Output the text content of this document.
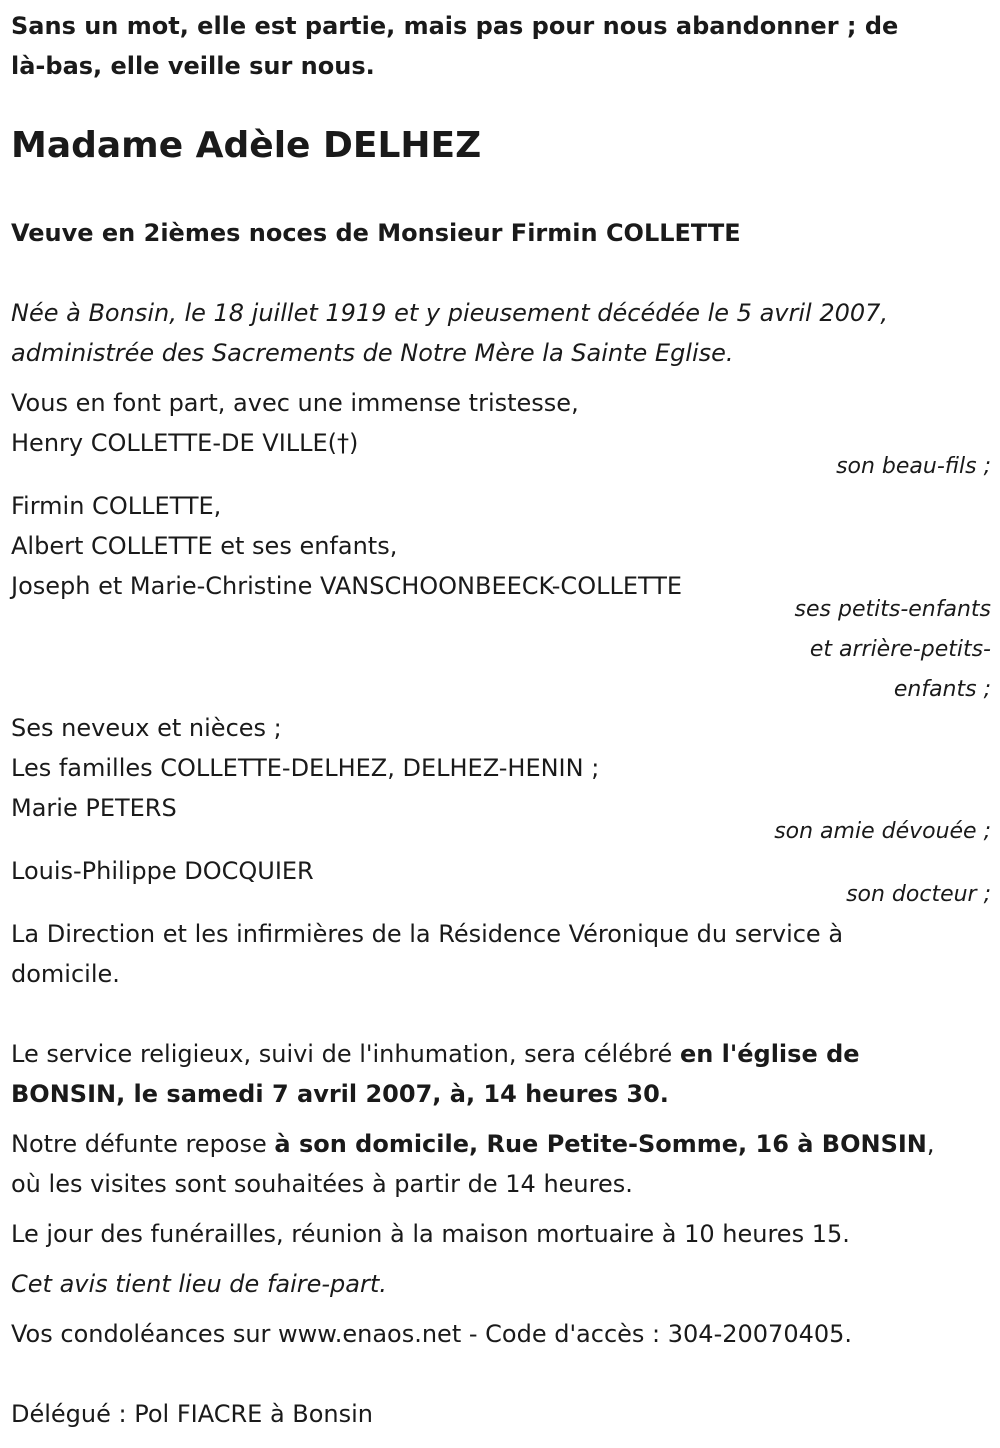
Sans un mot, elle est partie, mais pas pour nous abandonner ; de
là-bas, elle veille sur nous.
Madame Adèle DELHEZ
Veuve en 2ièmes noces de Monsieur Firmin COLLETTE
Née à Bonsin, le 18 juillet 1919 et y pieusement décédée le 5 avril 2007,
administrée des Sacrements de Notre Mère la Sainte Eglise.
Vous en font part, avec une immense tristesse,
Henry COLLETTE-DE VILLE(†)
son beau-fils ;
Firmin COLLETTE,
Albert COLLETTE et ses enfants,
Joseph et Marie-Christine VANSCHOONBEECK-COLLETTE
ses petits-enfants
et arrière-petits-
enfants ;
Ses neveux et nièces ;
Les familles COLLETTE-DELHEZ, DELHEZ-HENIN ;
Marie PETERS
son amie dévouée ;
Louis-Philippe DOCQUIER
son docteur ;
La Direction et les infirmières de la Résidence Véronique du service à
domicile.
Le service religieux, suivi de l'inhumation, sera célébré en l'église de
BONSIN, le samedi 7 avril 2007, à, 14 heures 30.
Notre défunte repose à son domicile, Rue Petite-Somme, 16 à BONSIN,
où les visites sont souhaitées à partir de 14 heures.
Le jour des funérailles, réunion à la maison mortuaire à 10 heures 15.
Cet avis tient lieu de faire-part.
Vos condoléances sur www.enaos.net - Code d'accès : 304-20070405.
Délégué : Pol FIACRE à Bonsin
